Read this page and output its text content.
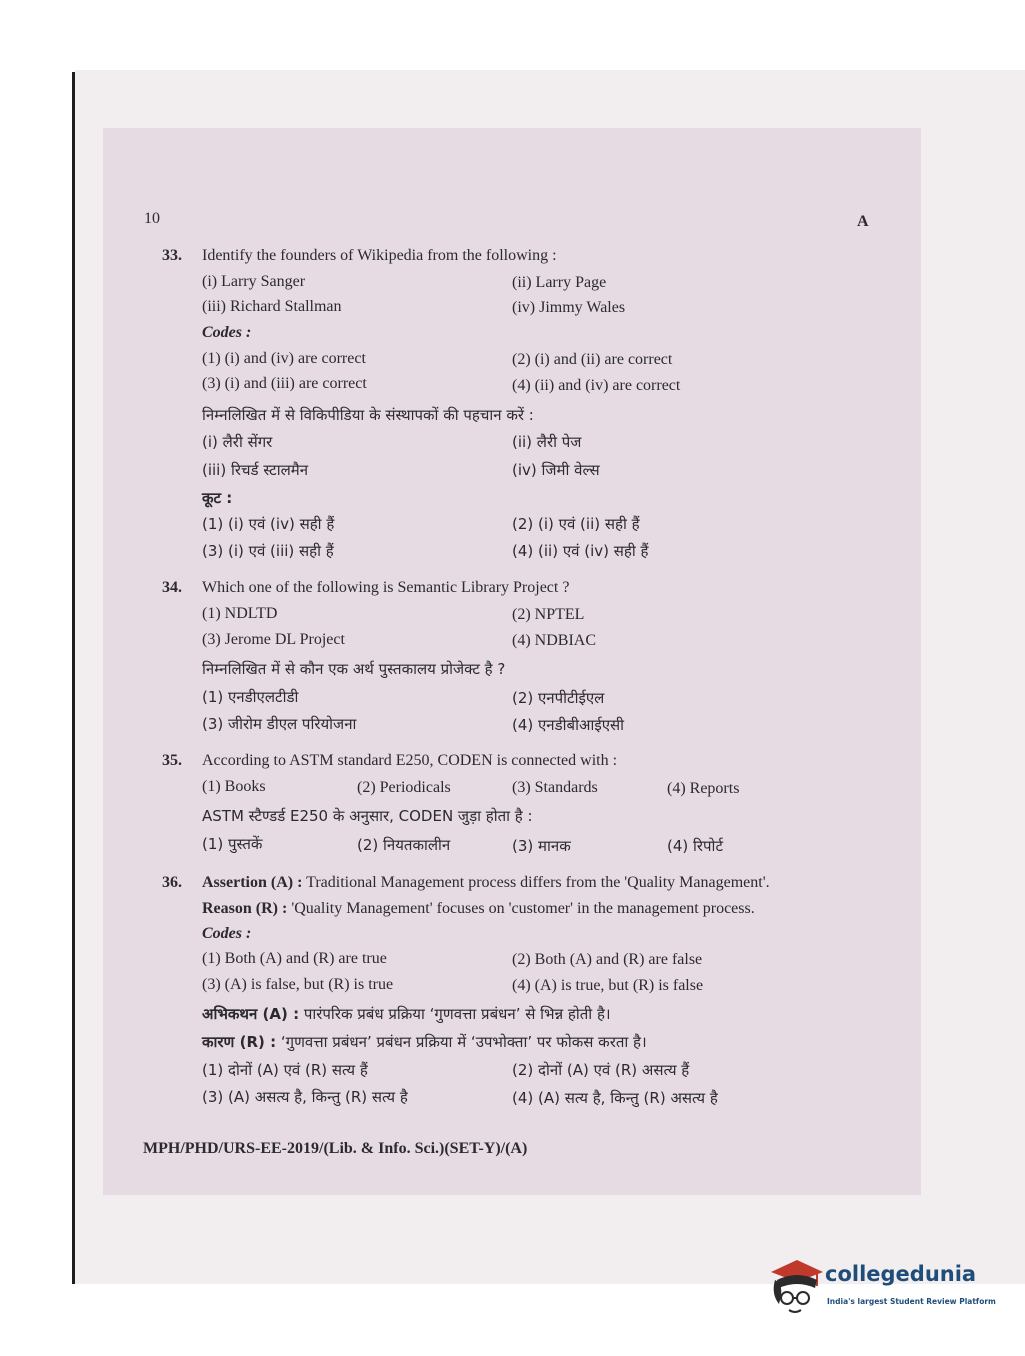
10	A
33. Identify the founders of Wikipedia from the following :
(i) Larry Sanger	(ii) Larry Page
(iii) Richard Stallman	(iv) Jimmy Wales
Codes :
(1) (i) and (iv) are correct	(2) (i) and (ii) are correct
(3) (i) and (iii) are correct	(4) (ii) and (iv) are correct
निम्नलिखित में से विकिपीडिया के संस्थापकों की पहचान करें :
(i) लैरी सेंगर	(ii) लैरी पेज
(iii) रिचर्ड स्टालमैन	(iv) जिमी वेल्स
कूट :
(1) (i) एवं (iv) सही हैं	(2) (i) एवं (ii) सही हैं
(3) (i) एवं (iii) सही हैं	(4) (ii) एवं (iv) सही हैं
34. Which one of the following is Semantic Library Project ?
(1) NDLTD	(2) NPTEL
(3) Jerome DL Project	(4) NDBIAC
निम्नलिखित में से कौन एक अर्थ पुस्तकालय प्रोजेक्ट है ?
(1) एनडीएलटीडी	(2) एनपीटीईएल
(3) जीरोम डीएल परियोजना	(4) एनडीबीआईएसी
35. According to ASTM standard E250, CODEN is connected with :
(1) Books	(2) Periodicals	(3) Standards	(4) Reports
ASTM स्टैण्डर्ड E250 के अनुसार, CODEN जुड़ा होता है :
(1) पुस्तकें	(2) नियतकालीन	(3) मानक	(4) रिपोर्ट
36. Assertion (A) : Traditional Management process differs from the 'Quality Management'.
Reason (R) : 'Quality Management' focuses on 'customer' in the management process.
Codes :
(1) Both (A) and (R) are true	(2) Both (A) and (R) are false
(3) (A) is false, but (R) is true	(4) (A) is true, but (R) is false
अभिकथन (A) : पारंपरिक प्रबंध प्रक्रिया ‘गुणवत्ता प्रबंधन’ से भिन्न होती है।
कारण (R) : ‘गुणवत्ता प्रबंधन’ प्रबंधन प्रक्रिया में ‘उपभोक्ता’ पर फोकस करता है।
(1) दोनों (A) एवं (R) सत्य हैं	(2) दोनों (A) एवं (R) असत्य हैं
(3) (A) असत्य है, किन्तु (R) सत्य है	(4) (A) सत्य है, किन्तु (R) असत्य है
MPH/PHD/URS-EE-2019/(Lib. & Info. Sci.)(SET-Y)/(A)
collegedunia
India's largest Student Review Platform
